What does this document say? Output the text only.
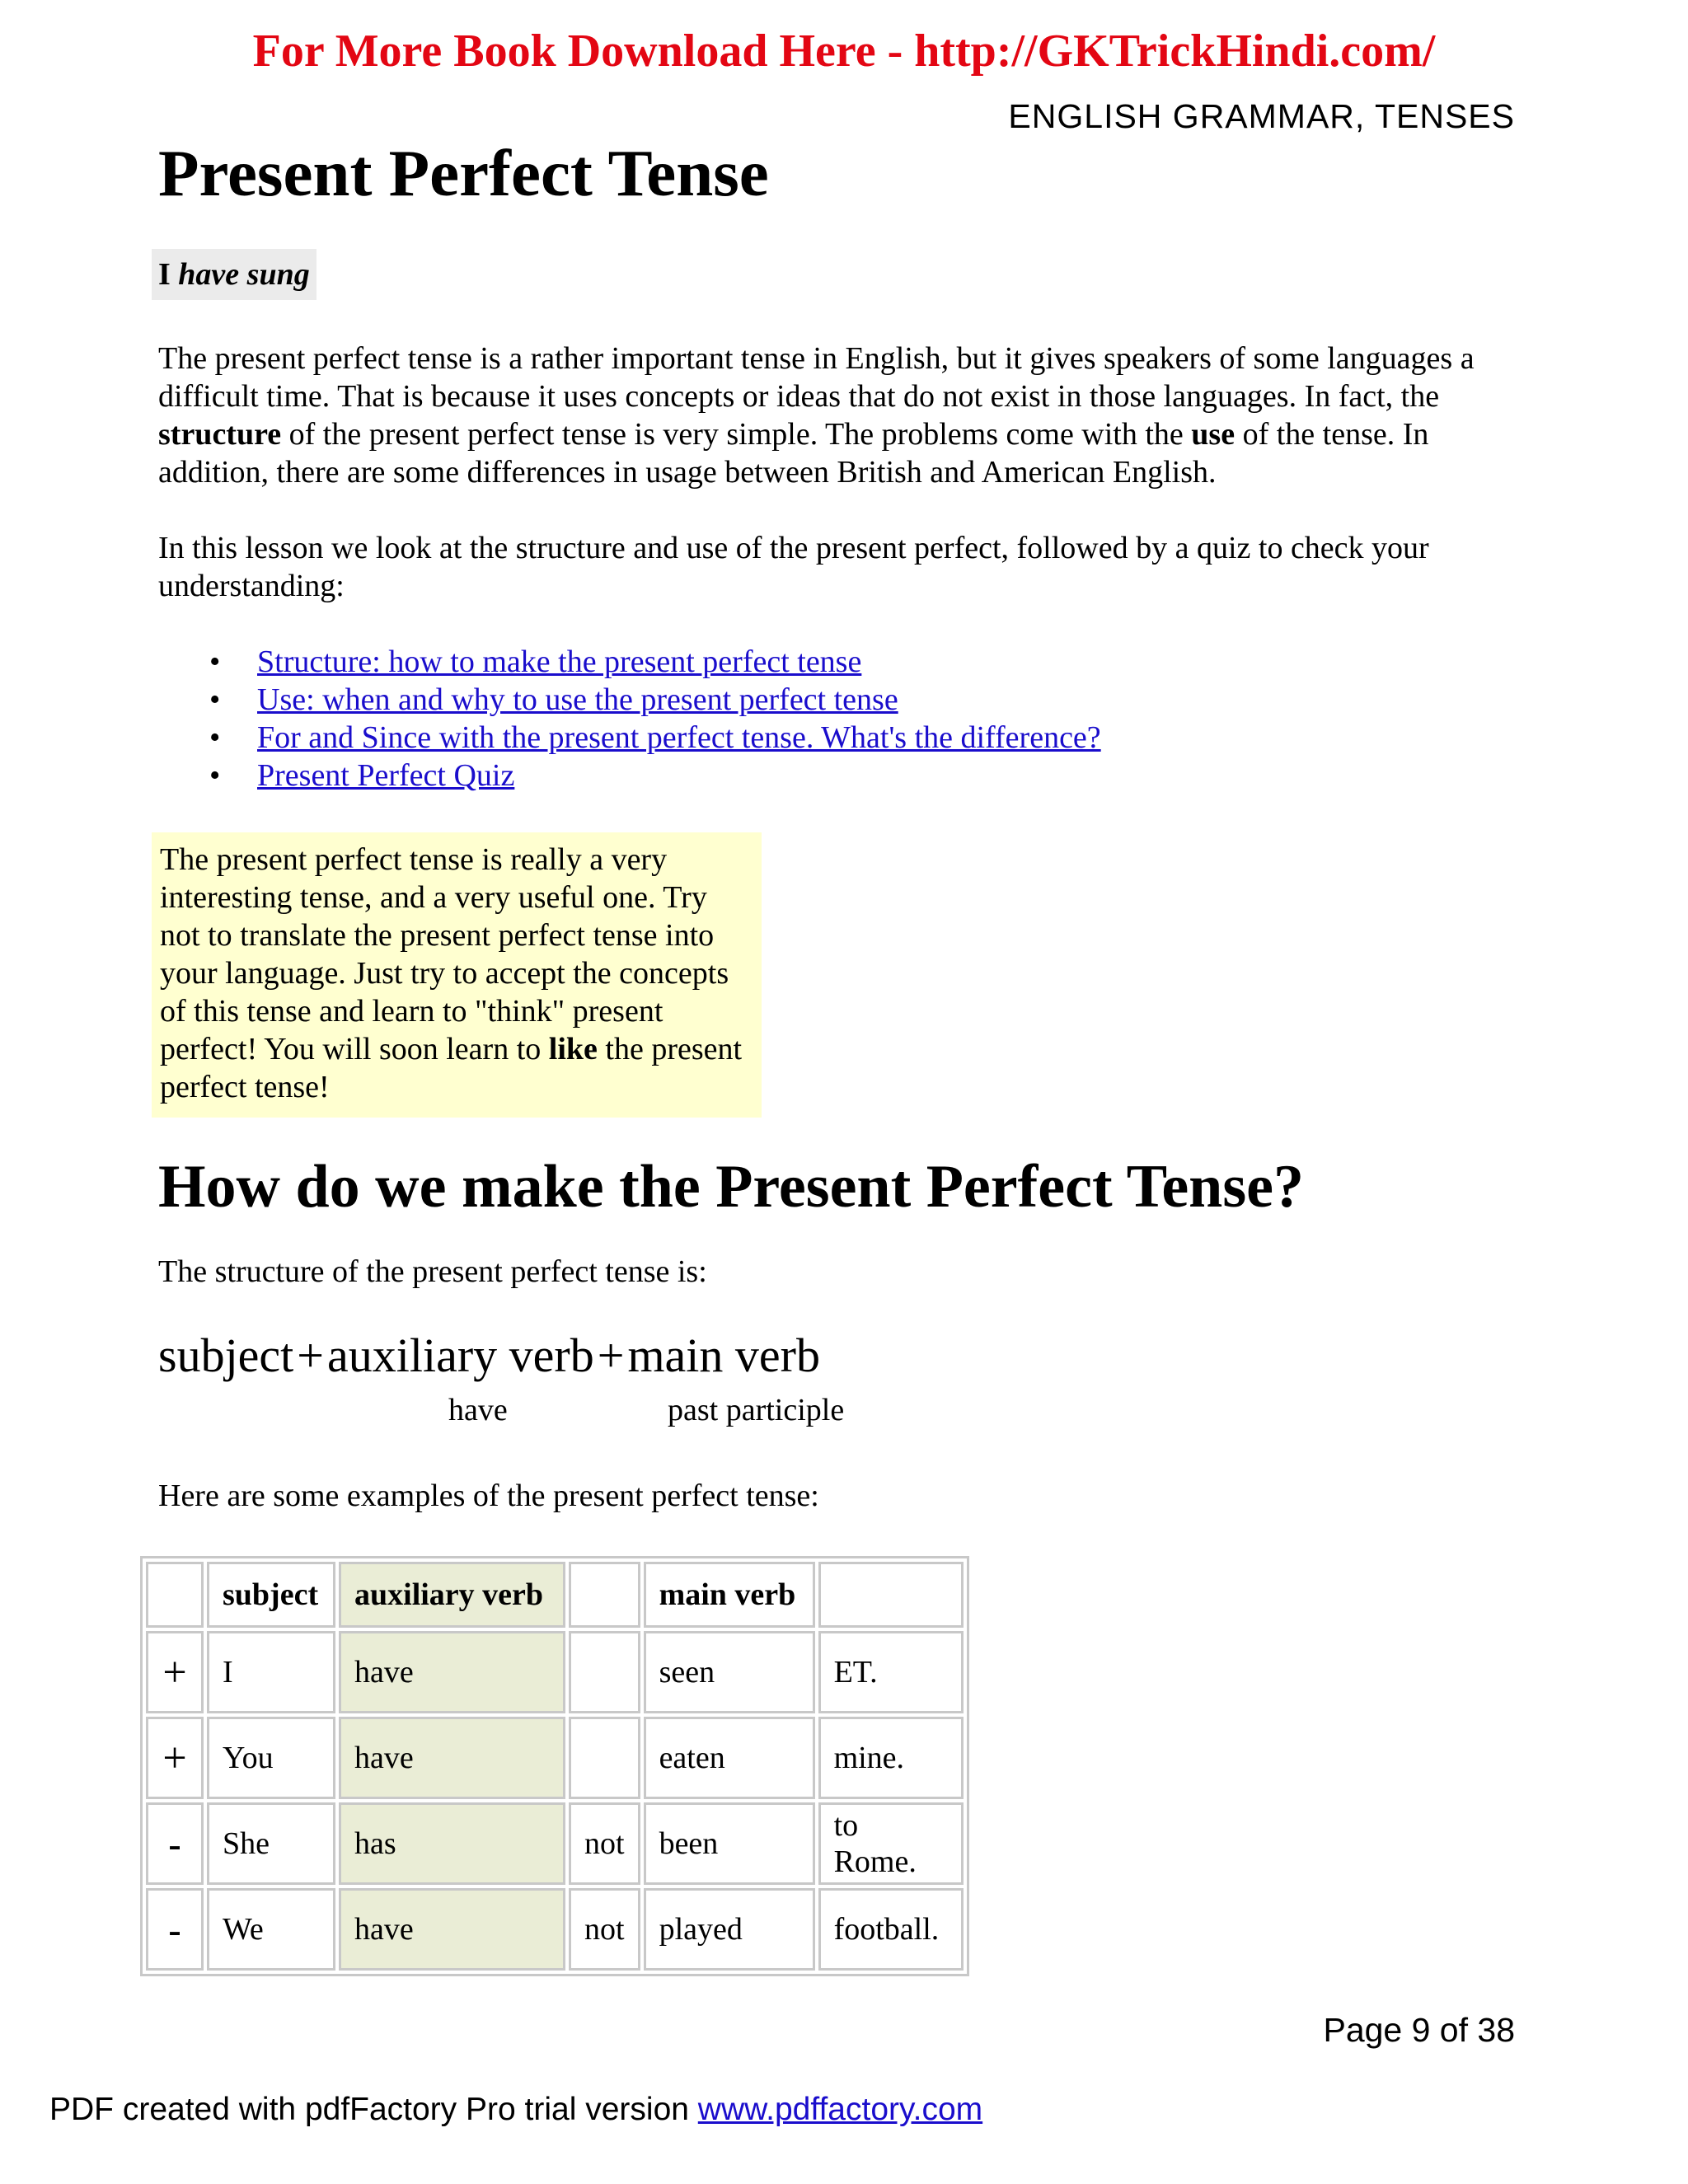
For More Book Download Here - http://GKTrickHindi.com/
ENGLISH GRAMMAR, TENSES
Present Perfect Tense
I have sung

The present perfect tense is a rather important tense in English, but it gives speakers of some languages a difficult time. That is because it uses concepts or ideas that do not exist in those languages. In fact, the structure of the present perfect tense is very simple. The problems come with the use of the tense. In addition, there are some differences in usage between British and American English.

In this lesson we look at the structure and use of the present perfect, followed by a quiz to check your understanding:

• Structure: how to make the present perfect tense
• Use: when and why to use the present perfect tense
• For and Since with the present perfect tense. What's the difference?
• Present Perfect Quiz

The present perfect tense is really a very interesting tense, and a very useful one. Try not to translate the present perfect tense into your language. Just try to accept the concepts of this tense and learn to "think" present perfect! You will soon learn to like the present perfect tense!

How do we make the Present Perfect Tense?

The structure of the present perfect tense is:

subject+auxiliary verb+main verb
have	past participle

Here are some examples of the present perfect tense:

	subject	auxiliary verb		main verb	
+	I	have		seen	ET.
+	You	have		eaten	mine.
-	She	has	not	been	to Rome.
-	We	have	not	played	football.
Page 9 of 38
PDF created with pdfFactory Pro trial version www.pdffactory.com
